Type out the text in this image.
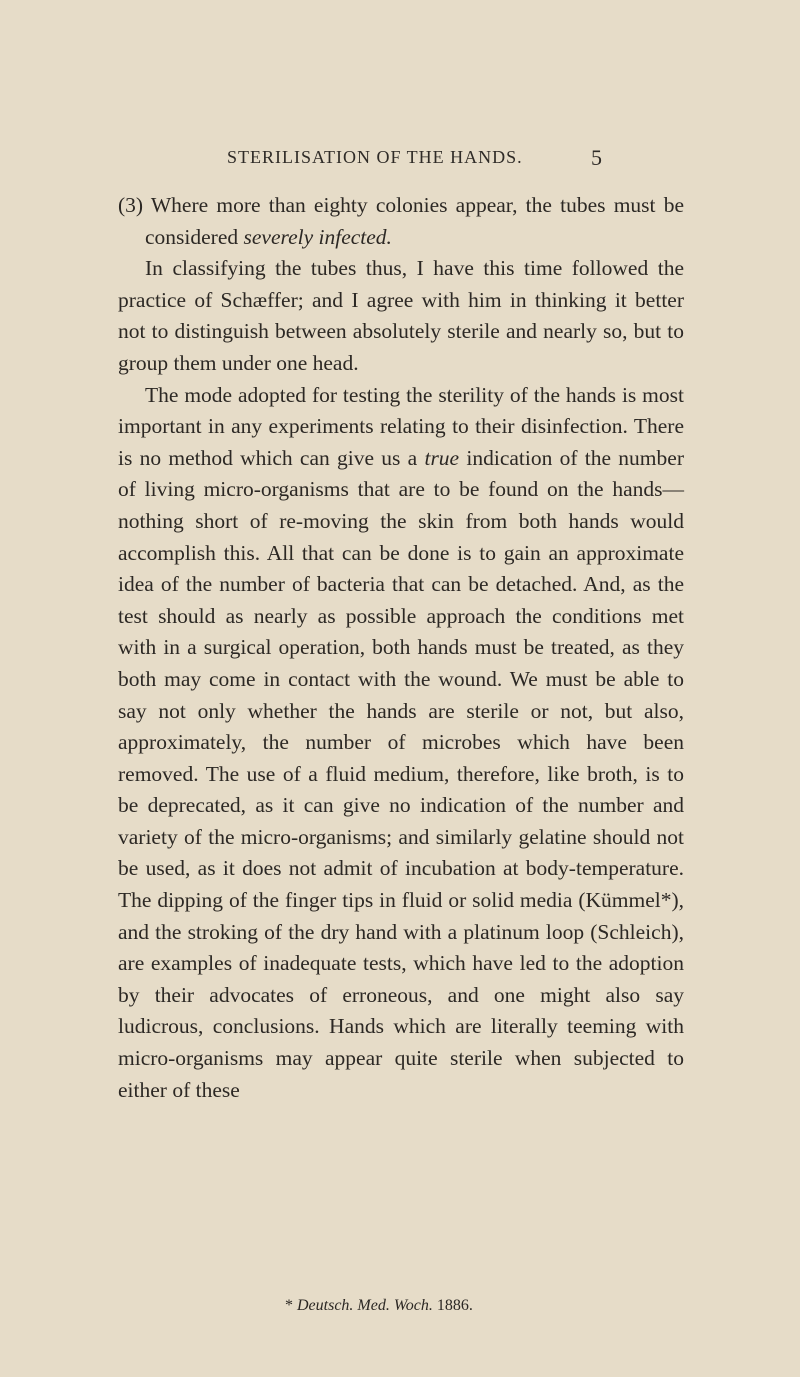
STERILISATION OF THE HANDS.	5

(3) Where more than eighty colonies appear, the tubes must be considered severely infected.

In classifying the tubes thus, I have this time followed the practice of Schæffer; and I agree with him in thinking it better not to distinguish between absolutely sterile and nearly so, but to group them under one head.

The mode adopted for testing the sterility of the hands is most important in any experiments relating to their disinfection. There is no method which can give us a true indication of the number of living micro-organisms that are to be found on the hands—nothing short of re-moving the skin from both hands would accomplish this. All that can be done is to gain an approximate idea of the number of bacteria that can be detached. And, as the test should as nearly as possible approach the conditions met with in a surgical operation, both hands must be treated, as they both may come in contact with the wound. We must be able to say not only whether the hands are sterile or not, but also, approximately, the number of microbes which have been removed. The use of a fluid medium, therefore, like broth, is to be deprecated, as it can give no indication of the number and variety of the micro-organisms; and similarly gelatine should not be used, as it does not admit of incubation at body-temperature. The dipping of the finger tips in fluid or solid media (Kümmel*), and the stroking of the dry hand with a platinum loop (Schleich), are examples of inadequate tests, which have led to the adoption by their advocates of erroneous, and one might also say ludicrous, conclusions. Hands which are literally teeming with micro-organisms may appear quite sterile when subjected to either of these

* Deutsch. Med. Woch. 1886.
